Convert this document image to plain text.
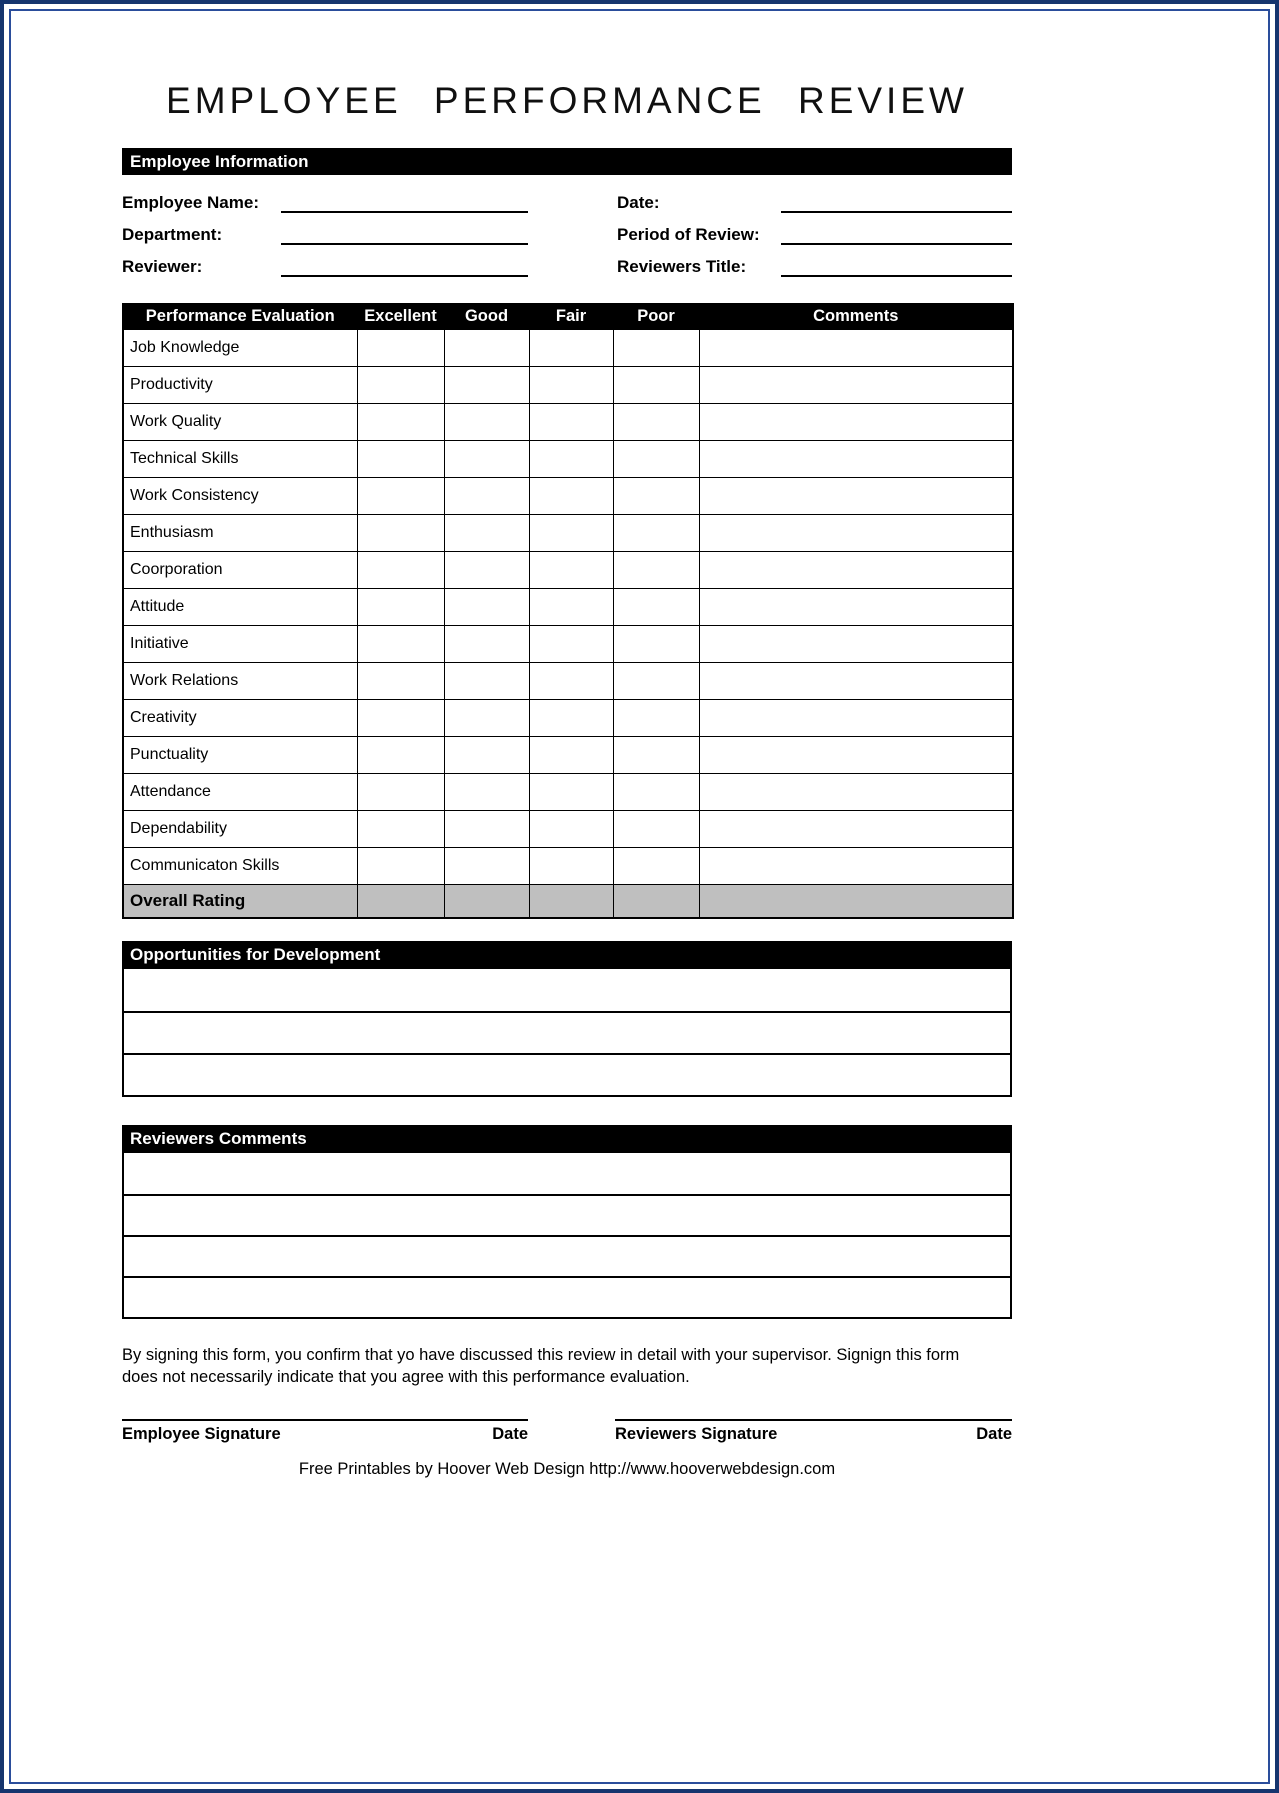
EMPLOYEE PERFORMANCE REVIEW
Employee Information
Employee Name:	Date:
Department:	Period of Review:
Reviewer:	Reviewers Title:
Performance Evaluation	Excellent	Good	Fair	Poor	Comments
Job Knowledge					
Productivity					
Work Quality					
Technical Skills					
Work Consistency					
Enthusiasm					
Coorporation					
Attitude					
Initiative					
Work Relations					
Creativity					
Punctuality					
Attendance					
Dependability					
Communicaton Skills					
Overall Rating					
Opportunities for Development
Reviewers Comments

By signing this form, you confirm that yo have discussed this review in detail with your supervisor. Signign this form does not necessarily indicate that you agree with this performance evaluation.

Employee Signature	Date	Reviewers Signature	Date
Free Printables by Hoover Web Design http://www.hooverwebdesign.com
